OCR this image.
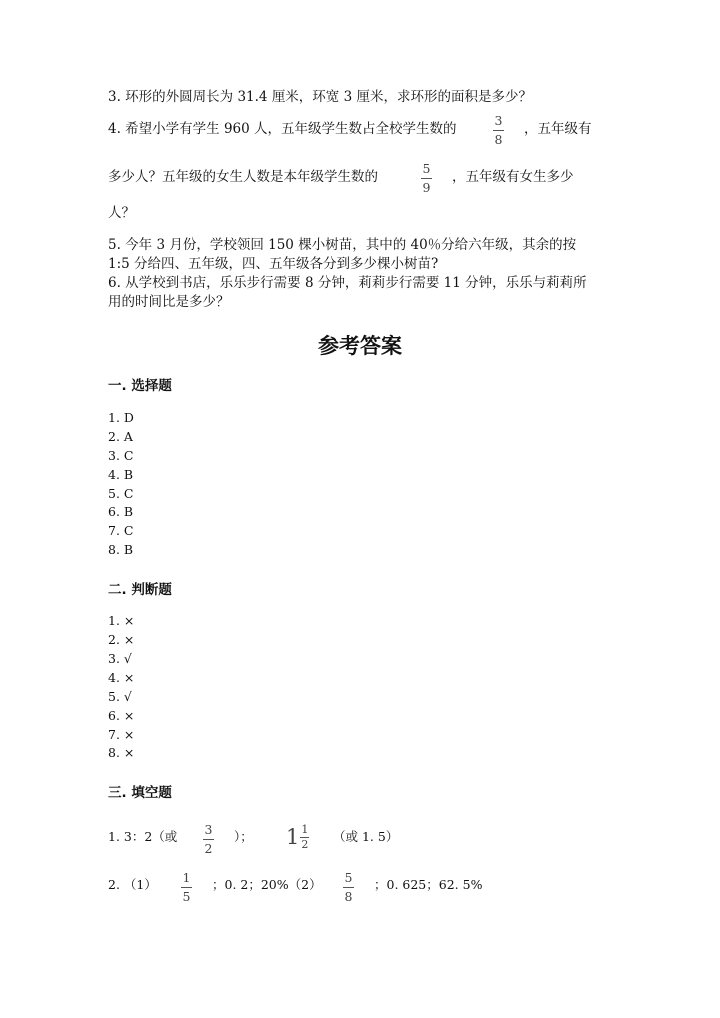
3. 环形的外圆周长为 31.4 厘米，环宽 3 厘米，求环形的面积是多少？
4. 希望小学有学生 960 人，五年级学生数占全校学生数的
3
8
，五年级有
多少人？五年级的女生人数是本年级学生数的
5
9
，五年级有女生多少
人？
5. 今年 3 月份，学校领回 150 棵小树苗，其中的 40％分给六年级，其余的按
1:5 分给四、五年级，四、五年级各分到多少棵小树苗?
6. 从学校到书店，乐乐步行需要 8 分钟，莉莉步行需要 11 分钟，乐乐与莉莉所
用的时间比是多少？
参考答案
一. 选择题
1. D
2. A
3. C
4. B
5. C
6. B
7. C
8. B
二. 判断题
1. ×
2. ×
3. √
4. ×
5. √
6. ×
7. ×
8. ×
三. 填空题
1. 3：2（或 3
2
）； $1 \frac{1}{2}$ （或 1. 5）
2. （1） 1
5
；0. 2；20%（2） 5
8
；0. 625；62. 5%
